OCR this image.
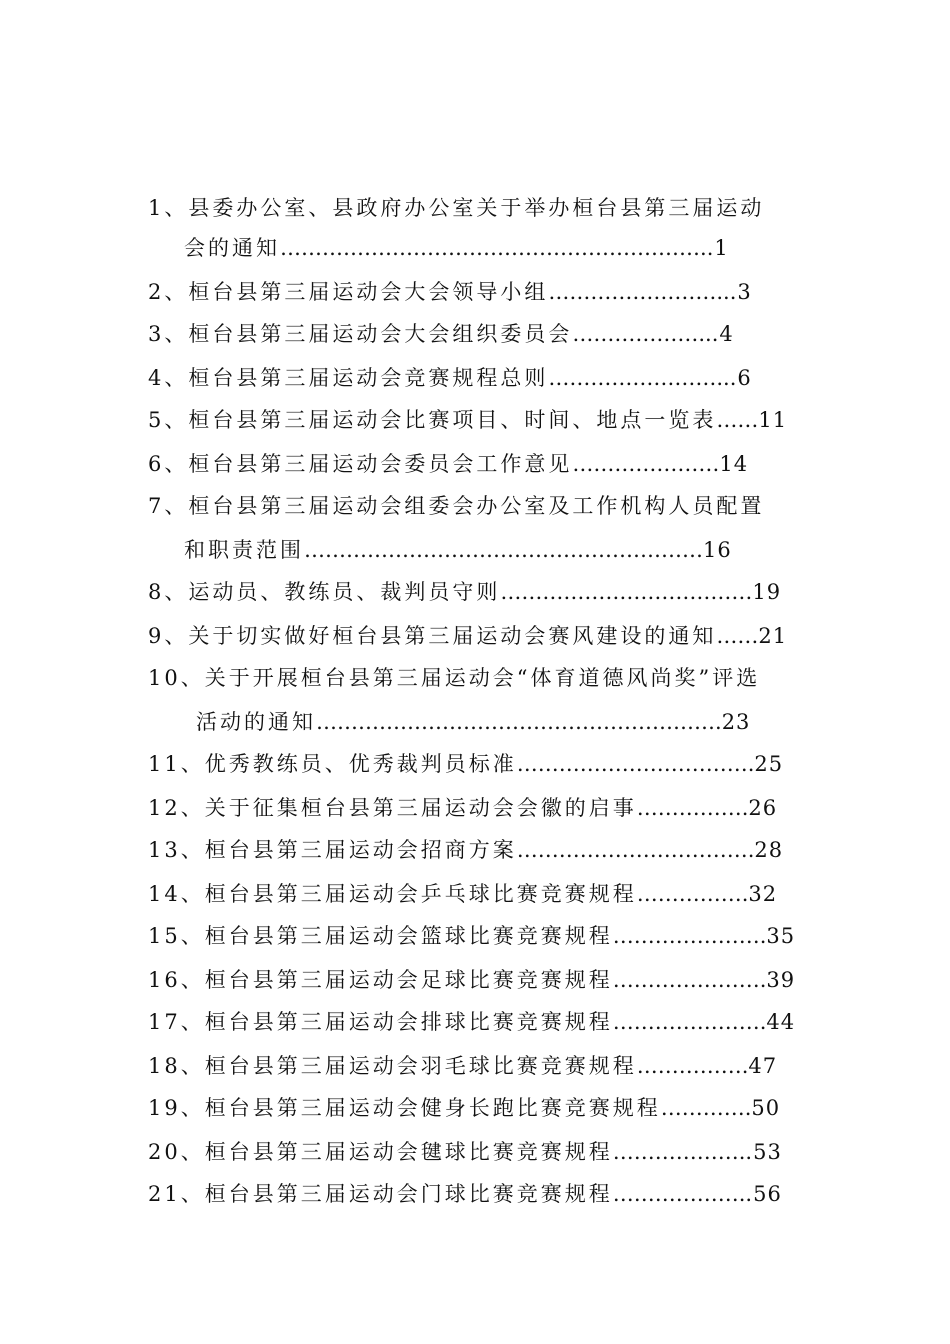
1、县委办公室、县政府办公室关于举办桓台县第三届运动
会的通知……………………………………………………..1
2、桓台县第三届运动会大会领导小组……………………...3
3、桓台县第三届运动会大会组织委员会………………...4
4、桓台县第三届运动会竞赛规程总则……………………...6
5、桓台县第三届运动会比赛项目、时间、地点一览表……11
6、桓台县第三届运动会委员会工作意见…………………14
7、桓台县第三届运动会组委会办公室及工作机构人员配置
和职责范围…………………………………………………16
8、运动员、教练员、裁判员守则………………………………19
9、关于切实做好桓台县第三届运动会赛风建设的通知……21
10、关于开展桓台县第三届运动会“体育道德风尚奖”评选
活动的通知………………………………………………….23
11、优秀教练员、优秀裁判员标准…………………………….25
12、关于征集桓台县第三届运动会会徽的启事…………….26
13、桓台县第三届运动会招商方案…………………………….28
14、桓台县第三届运动会乒乓球比赛竞赛规程…………….32
15、桓台县第三届运动会篮球比赛竞赛规程………………….35
16、桓台县第三届运动会足球比赛竞赛规程………………….39
17、桓台县第三届运动会排球比赛竞赛规程………………….44
18、桓台县第三届运动会羽毛球比赛竞赛规程…………….47
19、桓台县第三届运动会健身长跑比赛竞赛规程………….50
20、桓台县第三届运动会毽球比赛竞赛规程………………..53
21、桓台县第三届运动会门球比赛竞赛规程………………..56
